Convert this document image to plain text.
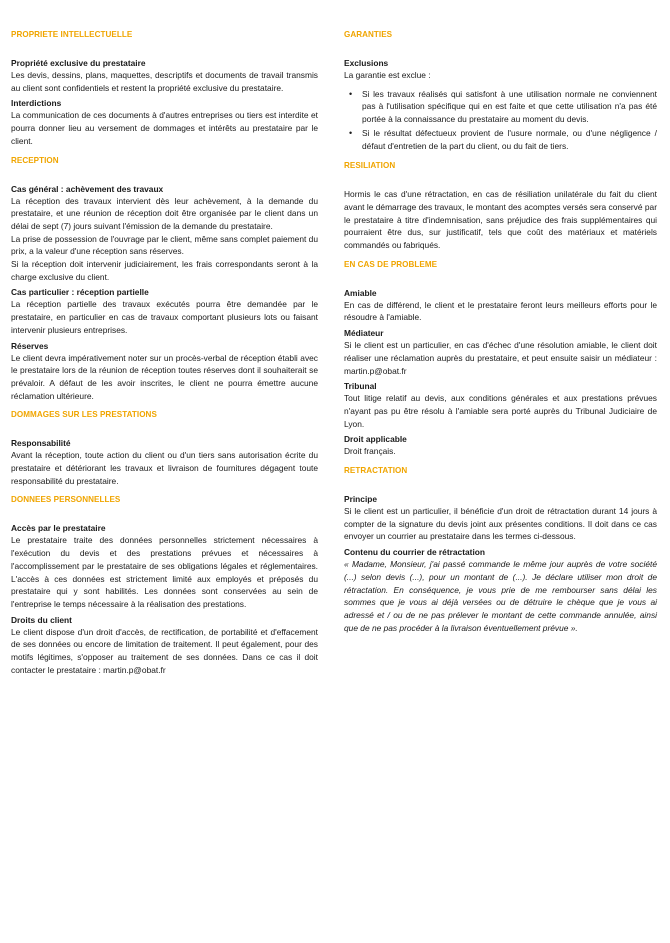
PROPRIETE INTELLECTUELLE
Propriété exclusive du prestataire

Les devis, dessins, plans, maquettes, descriptifs et documents de travail transmis au client sont confidentiels et restent la propriété exclusive du prestataire.

Interdictions

La communication de ces documents à d'autres entreprises ou tiers est interdite et pourra donner lieu au versement de dommages et intérêts au prestataire par le client.

RECEPTION
Cas général : achèvement des travaux

La réception des travaux intervient dès leur achèvement, à la demande du prestataire, et une réunion de réception doit être organisée par le client dans un délai de sept (7) jours suivant l'émission de la demande du prestataire.

La prise de possession de l'ouvrage par le client, même sans complet paiement du prix, a la valeur d'une réception sans réserves.

Si la réception doit intervenir judiciairement, les frais correspondants seront à la charge exclusive du client.

Cas particulier : réception partielle

La réception partielle des travaux exécutés pourra être demandée par le prestataire, en particulier en cas de travaux comportant plusieurs lots ou faisant intervenir plusieurs entreprises.

Réserves

Le client devra impérativement noter sur un procès-verbal de réception établi avec le prestataire lors de la réunion de réception toutes réserves dont il souhaiterait se prévaloir. A défaut de les avoir inscrites, le client ne pourra émettre aucune réclamation ultérieure.

DOMMAGES SUR LES PRESTATIONS
Responsabilité

Avant la réception, toute action du client ou d'un tiers sans autorisation écrite du prestataire et détériorant les travaux et livraison de fournitures dégagent toute responsabilité du prestataire.

DONNEES PERSONNELLES
Accès par le prestataire

Le prestataire traite des données personnelles strictement nécessaires à l'exécution du devis et des prestations prévues et nécessaires à l'accomplissement par le prestataire de ses obligations légales et réglementaires. L'accès à ces données est strictement limité aux employés et préposés du prestataire qui y sont habilités. Les données sont conservées au sein de l'entreprise le temps nécessaire à la réalisation des prestations.

Droits du client

Le client dispose d'un droit d'accès, de rectification, de portabilité et d'effacement de ses données ou encore de limitation de traitement. Il peut également, pour des motifs légitimes, s'opposer au traitement de ses données. Dans ce cas il doit contacter le prestataire : martin.p@obat.fr

GARANTIES
Exclusions

La garantie est exclue :

• Si les travaux réalisés qui satisfont à une utilisation normale ne conviennent pas à l'utilisation spécifique qui en est faite et que cette utilisation n'a pas été portée à la connaissance du prestataire au moment du devis.
• Si le résultat défectueux provient de l'usure normale, ou d'une négligence / défaut d'entretien de la part du client, ou du fait de tiers.
RESILIATION

Hormis le cas d'une rétractation, en cas de résiliation unilatérale du fait du client avant le démarrage des travaux, le montant des acomptes versés sera conservé par le prestataire à titre d'indemnisation, sans préjudice des frais supplémentaires qui pourraient être dus, sur justificatif, tels que coût des matériaux et matériels commandés ou fabriqués.

EN CAS DE PROBLEME
Amiable

En cas de différend, le client et le prestataire feront leurs meilleurs efforts pour le résoudre à l'amiable.

Médiateur

Si le client est un particulier, en cas d'échec d'une résolution amiable, le client doit réaliser une réclamation auprès du prestataire, et peut ensuite saisir un médiateur : martin.p@obat.fr

Tribunal

Tout litige relatif au devis, aux conditions générales et aux prestations prévues n'ayant pas pu être résolu à l'amiable sera porté auprès du Tribunal Judiciaire de Lyon.

Droit applicable

Droit français.

RETRACTATION
Principe

Si le client est un particulier, il bénéficie d'un droit de rétractation durant 14 jours à compter de la signature du devis joint aux présentes conditions. Il doit dans ce cas envoyer un courrier au prestataire dans les termes ci-dessous.

Contenu du courrier de rétractation

« Madame, Monsieur, j'ai passé commande le même jour auprès de votre société (...) selon devis (...), pour un montant de (...). Je déclare utiliser mon droit de rétractation. En conséquence, je vous prie de me rembourser sans délai les sommes que je vous ai déjà versées ou de détruire le chèque que je vous ai adressé et / ou de ne pas prélever le montant de cette commande annulée, ainsi que de ne pas procéder à la livraison éventuellement prévue ».
